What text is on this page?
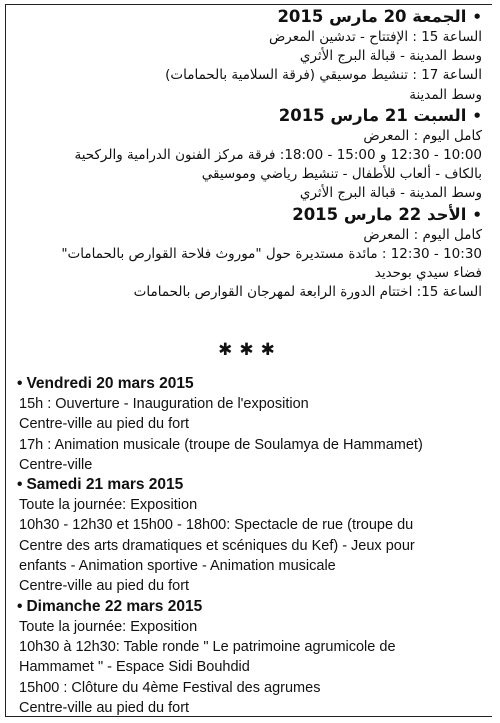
•
الجمعة 20 مارس 2015
الساعة 15 : الإفتتاح - تدشين المعرض
وسط المدينة - قبالة البرج الأثري
الساعة 17 : تنشيط موسيقي (فرقة السلامية بالحمامات)
وسط المدينة
•
السبت 21 مارس 2015
كامل اليوم : المعرض
10:00 - 12:30 و 15:00 - 18:00: فرقة مركز الفنون الدرامية والركحية
بالكاف - ألعاب للأطفال - تنشيط رياضي وموسيقي
وسط المدينة - قبالة البرج الأثري
•
الأحد 22 مارس 2015
كامل اليوم : المعرض
10:30 - 12:30 : مائدة مستديرة حول "موروث فلاحة القوارص بالحمامات"
فضاء سيدي بوحديد
الساعة 15: اختتام الدورة الرابعة لمهرجان القوارص بالحمامات
✱✱✱
• Vendredi 20 mars 2015
15h : Ouverture - Inauguration de l'exposition
Centre-ville au pied du fort
17h : Animation musicale (troupe de Soulamya de Hammamet)
Centre-ville
• Samedi 21 mars 2015
Toute la journée: Exposition
10h30 - 12h30 et 15h00 - 18h00: Spectacle de rue (troupe du
Centre des arts dramatiques et scéniques du Kef) - Jeux pour
enfants - Animation sportive - Animation musicale
Centre-ville au pied du fort
• Dimanche 22 mars 2015
Toute la journée: Exposition
10h30 à 12h30: Table ronde " Le patrimoine agrumicole de
Hammamet " - Espace Sidi Bouhdid
15h00 : Clôture du 4ème Festival des agrumes
Centre-ville au pied du fort
